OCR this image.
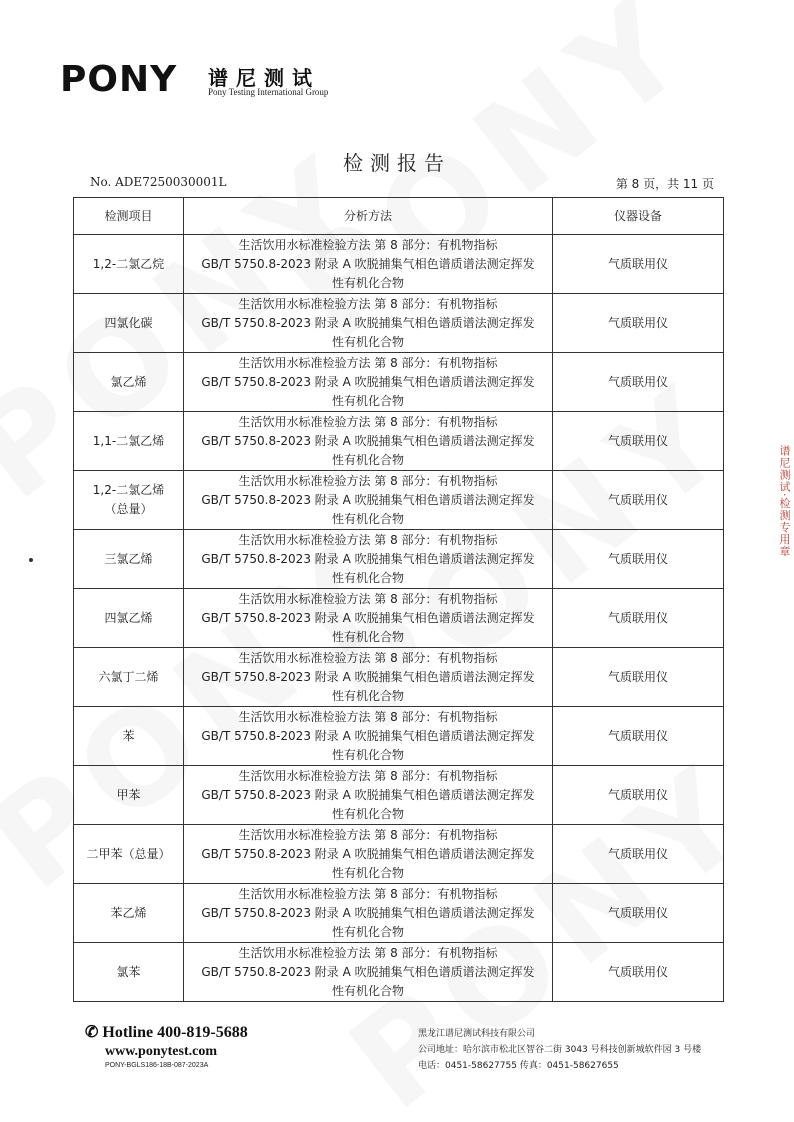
PONY 谱尼测试
Pony Testing International Group
检测报告
No. ADE7250030001L	第 8 页，共 11 页
检测项目	分析方法	仪器设备
1,2-二氯乙烷	生活饮用水标准检验方法 第 8 部分：有机物指标
GB/T 5750.8-2023 附录 A 吹脱捕集气相色谱质谱法测定挥发
性有机化合物	气质联用仪
四氯化碳	生活饮用水标准检验方法 第 8 部分：有机物指标
GB/T 5750.8-2023 附录 A 吹脱捕集气相色谱质谱法测定挥发
性有机化合物	气质联用仪
氯乙烯	生活饮用水标准检验方法 第 8 部分：有机物指标
GB/T 5750.8-2023 附录 A 吹脱捕集气相色谱质谱法测定挥发
性有机化合物	气质联用仪
1,1-二氯乙烯	生活饮用水标准检验方法 第 8 部分：有机物指标
GB/T 5750.8-2023 附录 A 吹脱捕集气相色谱质谱法测定挥发
性有机化合物	气质联用仪
1,2-二氯乙烯
（总量）	生活饮用水标准检验方法 第 8 部分：有机物指标
GB/T 5750.8-2023 附录 A 吹脱捕集气相色谱质谱法测定挥发
性有机化合物	气质联用仪
三氯乙烯	生活饮用水标准检验方法 第 8 部分：有机物指标
GB/T 5750.8-2023 附录 A 吹脱捕集气相色谱质谱法测定挥发
性有机化合物	气质联用仪
四氯乙烯	生活饮用水标准检验方法 第 8 部分：有机物指标
GB/T 5750.8-2023 附录 A 吹脱捕集气相色谱质谱法测定挥发
性有机化合物	气质联用仪
六氯丁二烯	生活饮用水标准检验方法 第 8 部分：有机物指标
GB/T 5750.8-2023 附录 A 吹脱捕集气相色谱质谱法测定挥发
性有机化合物	气质联用仪
苯	生活饮用水标准检验方法 第 8 部分：有机物指标
GB/T 5750.8-2023 附录 A 吹脱捕集气相色谱质谱法测定挥发
性有机化合物	气质联用仪
甲苯	生活饮用水标准检验方法 第 8 部分：有机物指标
GB/T 5750.8-2023 附录 A 吹脱捕集气相色谱质谱法测定挥发
性有机化合物	气质联用仪
二甲苯（总量）	生活饮用水标准检验方法 第 8 部分：有机物指标
GB/T 5750.8-2023 附录 A 吹脱捕集气相色谱质谱法测定挥发
性有机化合物	气质联用仪
苯乙烯	生活饮用水标准检验方法 第 8 部分：有机物指标
GB/T 5750.8-2023 附录 A 吹脱捕集气相色谱质谱法测定挥发
性有机化合物	气质联用仪
氯苯	生活饮用水标准检验方法 第 8 部分：有机物指标
GB/T 5750.8-2023 附录 A 吹脱捕集气相色谱质谱法测定挥发
性有机化合物	气质联用仪
谱尼测试·检测专用章
✆ Hotline 400-819-5688
www.ponytest.com
PONY-BGLS186-18B-087-2023A
黑龙江谱尼测试科技有限公司
公司地址：哈尔滨市松北区智谷二街 3043 号科技创新城软件园 3 号楼
电话：0451-58627755 传真：0451-58627655
